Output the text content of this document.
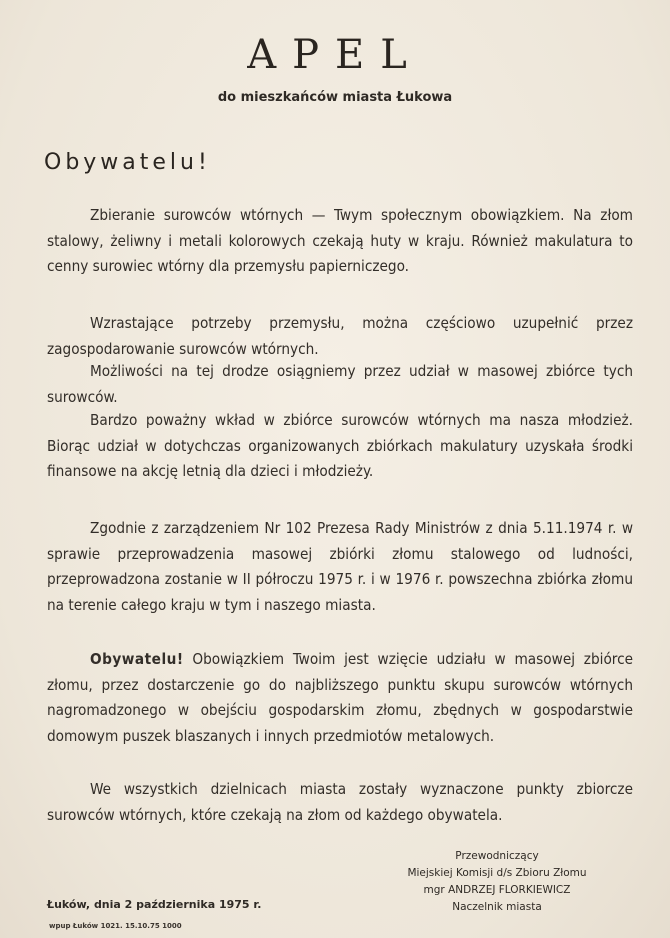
APEL
do mieszkańców miasta Łukowa
Obywatelu!

Zbieranie surowców wtórnych — Twym społecznym obowiązkiem. Na złom stalowy, żeliwny i metali kolorowych czekają huty w kraju. Również makulatura to cenny surowiec wtórny dla przemysłu papierniczego.

Wzrastające potrzeby przemysłu, można częściowo uzupełnić przez zagospodarowanie surowców wtórnych.

Możliwości na tej drodze osiągniemy przez udział w masowej zbiórce tych surowców.

Bardzo poważny wkład w zbiórce surowców wtórnych ma nasza młodzież. Biorąc udział w dotychczas organizowanych zbiórkach makulatury uzyskała środki finansowe na akcję letnią dla dzieci i młodzieży.

Zgodnie z zarządzeniem Nr 102 Prezesa Rady Ministrów z dnia 5.11.1974 r. w sprawie przeprowadzenia masowej zbiórki złomu stalowego od ludności, przeprowadzona zostanie w II półroczu 1975 r. i w 1976 r. powszechna zbiórka złomu na terenie całego kraju w tym i naszego miasta.

Obywatelu! Obowiązkiem Twoim jest wzięcie udziału w masowej zbiórce złomu, przez dostarczenie go do najbliższego punktu skupu surowców wtórnych nagromadzonego w obejściu gospodarskim złomu, zbędnych w gospodarstwie domowym puszek blaszanych i innych przedmiotów metalowych.

We wszystkich dzielnicach miasta zostały wyznaczone punkty zbiorcze surowców wtórnych, które czekają na złom od każdego obywatela.

Przewodniczący
Miejskiej Komisji d/s Zbioru Złomu
mgr ANDRZEJ FLORKIEWICZ
Naczelnik miasta
Łuków, dnia 2 października 1975 r.
wpup Łuków 1021. 15.10.75 1000
